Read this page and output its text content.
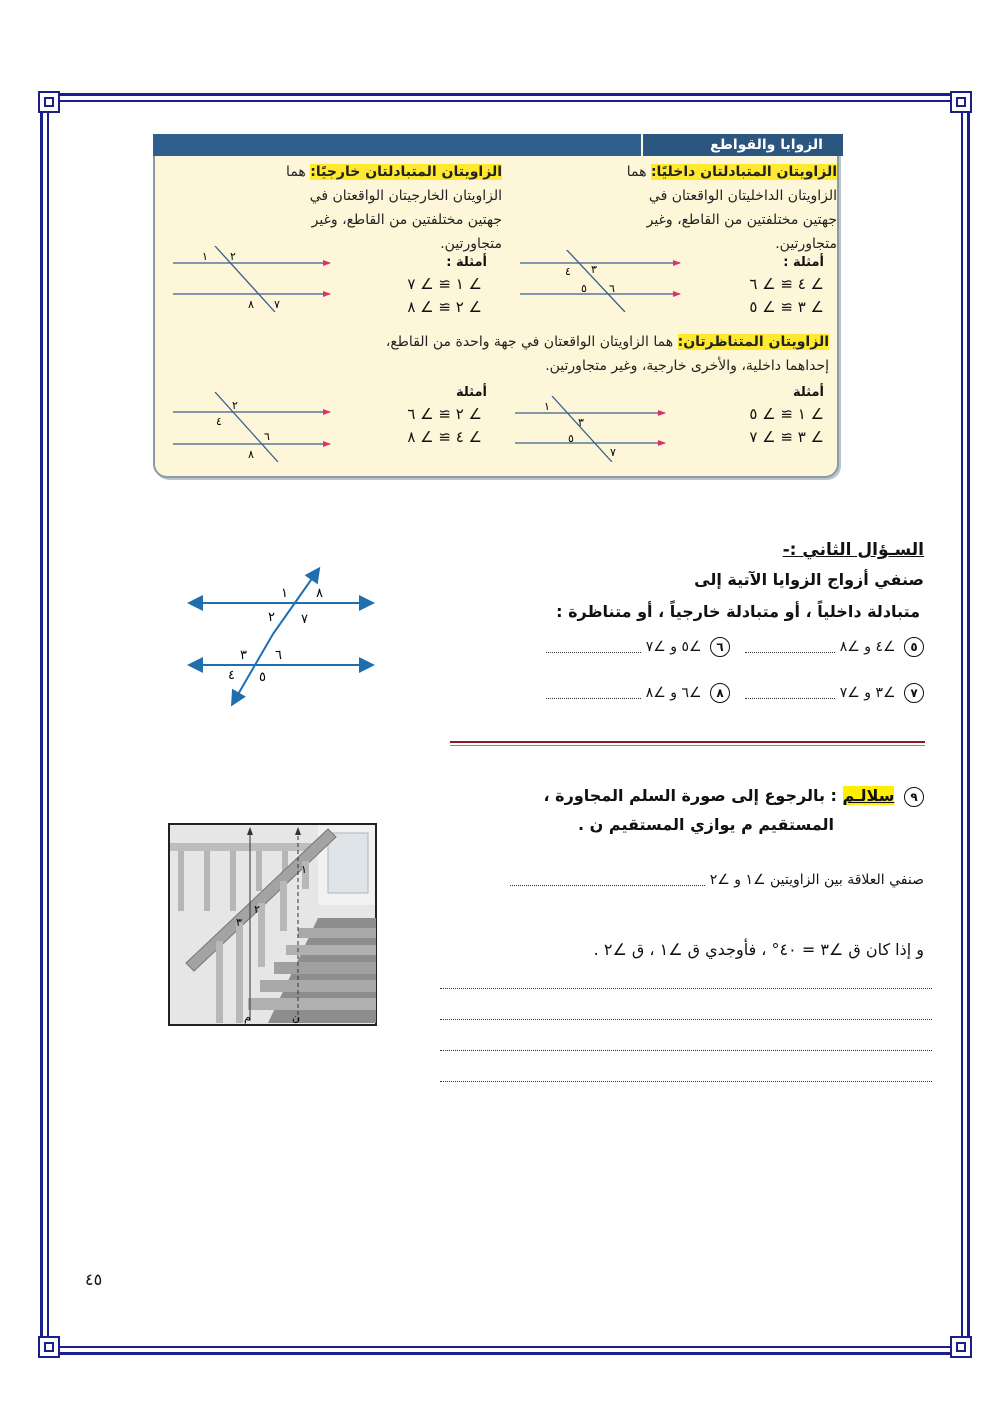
الزوايا والقواطع
الزاويتان المتبادلتان داخليًا: هما
الزاويتان الداخليتان الواقعتان في
جهتين مختلفتين من القاطع، وغير
متجاورتين.
أمثلة :
∠ ٤ ≅ ∠ ٦
∠ ٣ ≅ ∠ ٥
الزاويتان المتبادلتان خارجيًا: هما
الزاويتان الخارجيتان الواقعتان في
جهتين مختلفتين من القاطع، وغير
متجاورتين.
أمثلة :
∠ ١ ≅ ∠ ٧
∠ ٢ ≅ ∠ ٨
٤ ٣
٥ ٦
١ ٢
٨ ٧
الزاويتان المتناظرتان: هما الزاويتان الواقعتان في جهة واحدة من القاطع،
إحداهما داخلية، والأخرى خارجية، وغير متجاورتين.
أمثلة
∠ ١ ≅ ∠ ٥
∠ ٣ ≅ ∠ ٧
أمثلة
∠ ٢ ≅ ∠ ٦
∠ ٤ ≅ ∠ ٨
١
٣
٥
٧
٢
٤
٦
٨
السـؤال الثاني :-
صنفي أزواج الزوايا الآتية إلى
متبادلة داخلياً ، أو متبادلة خارجياً ، أو متناظرة :
٥ ∠٤ و ∠٨
٦ ∠٥ و ∠٧
٧ ∠٣ و ∠٧
٨ ∠٦ و ∠٨
١ ٨
٢ ٧
٣ ٦
٤ ٥
٩ سلالـم : بالرجوع إلى صورة السلم المجاورة ،
المستقيم م يوازي المستقيم ن .
صنفي العلاقة بين الزاويتين ∠١ و ∠٢
و إذا كان ق ∠٣ = ٤٠° ، فأوجدي ق ∠١ ، ق ∠٢ .
١
٢
٣
م	ن
٤٥
